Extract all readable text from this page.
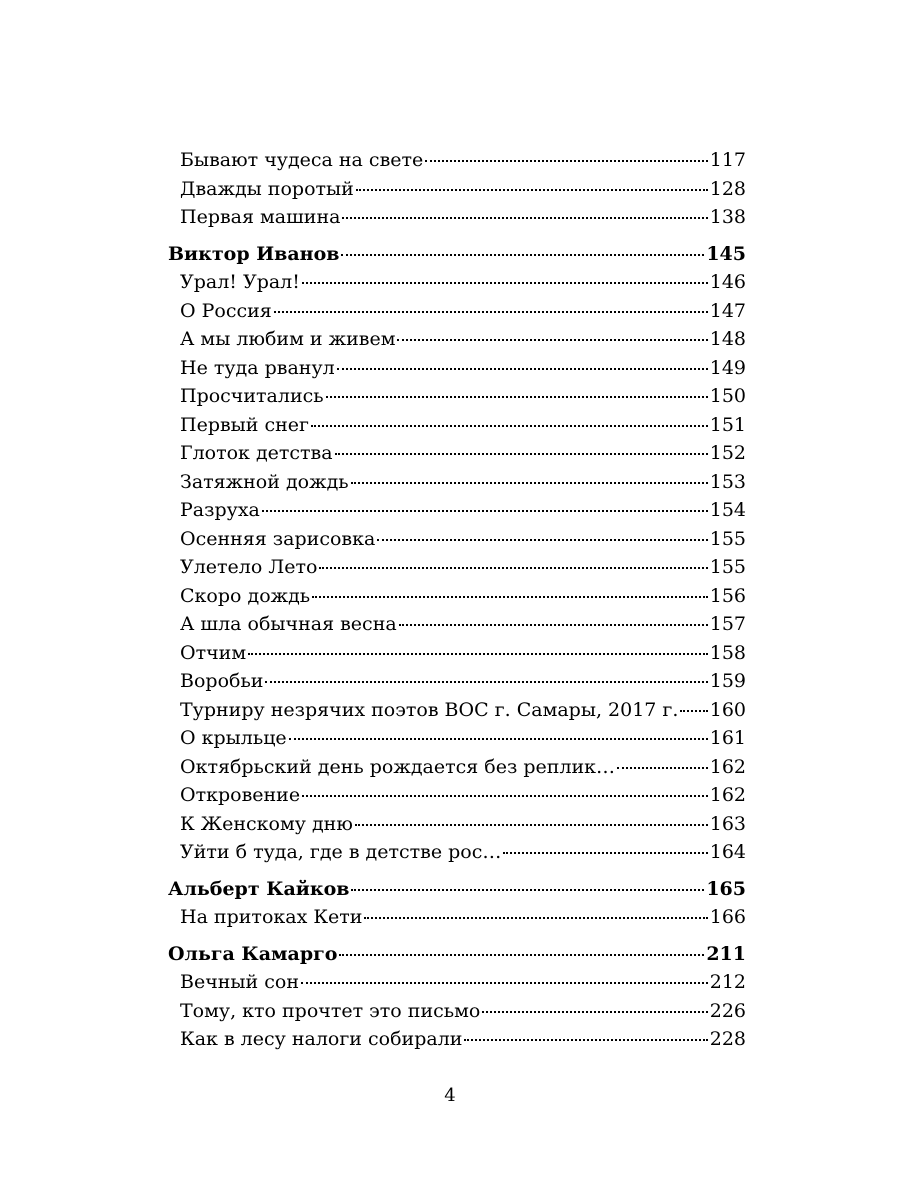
Бывают чудеса на свете	117
Дважды поротый	128
Первая машина	138
Виктор Иванов	145
Урал! Урал!	146
О Россия	147
А мы любим и живем	148
Не туда рванул	149
Просчитались	150
Первый снег	151
Глоток детства	152
Затяжной дождь	153
Разруха	154
Осенняя зарисовка	155
Улетело Лето	155
Скоро дождь	156
А шла обычная весна	157
Отчим	158
Воробьи	159
Турниру незрячих поэтов ВОС г. Самары, 2017 г. 160
О крыльце	161
Октябрьский день рождается без реплик…	162
Откровение	162
К Женскому дню	163
Уйти б туда, где в детстве рос…	164
Альберт Кайков	165
На притоках Кети	166
Ольга Камарго	211
Вечный сон	212
Тому, кто прочтет это письмо	226
Как в лесу налоги собирали	228
4
